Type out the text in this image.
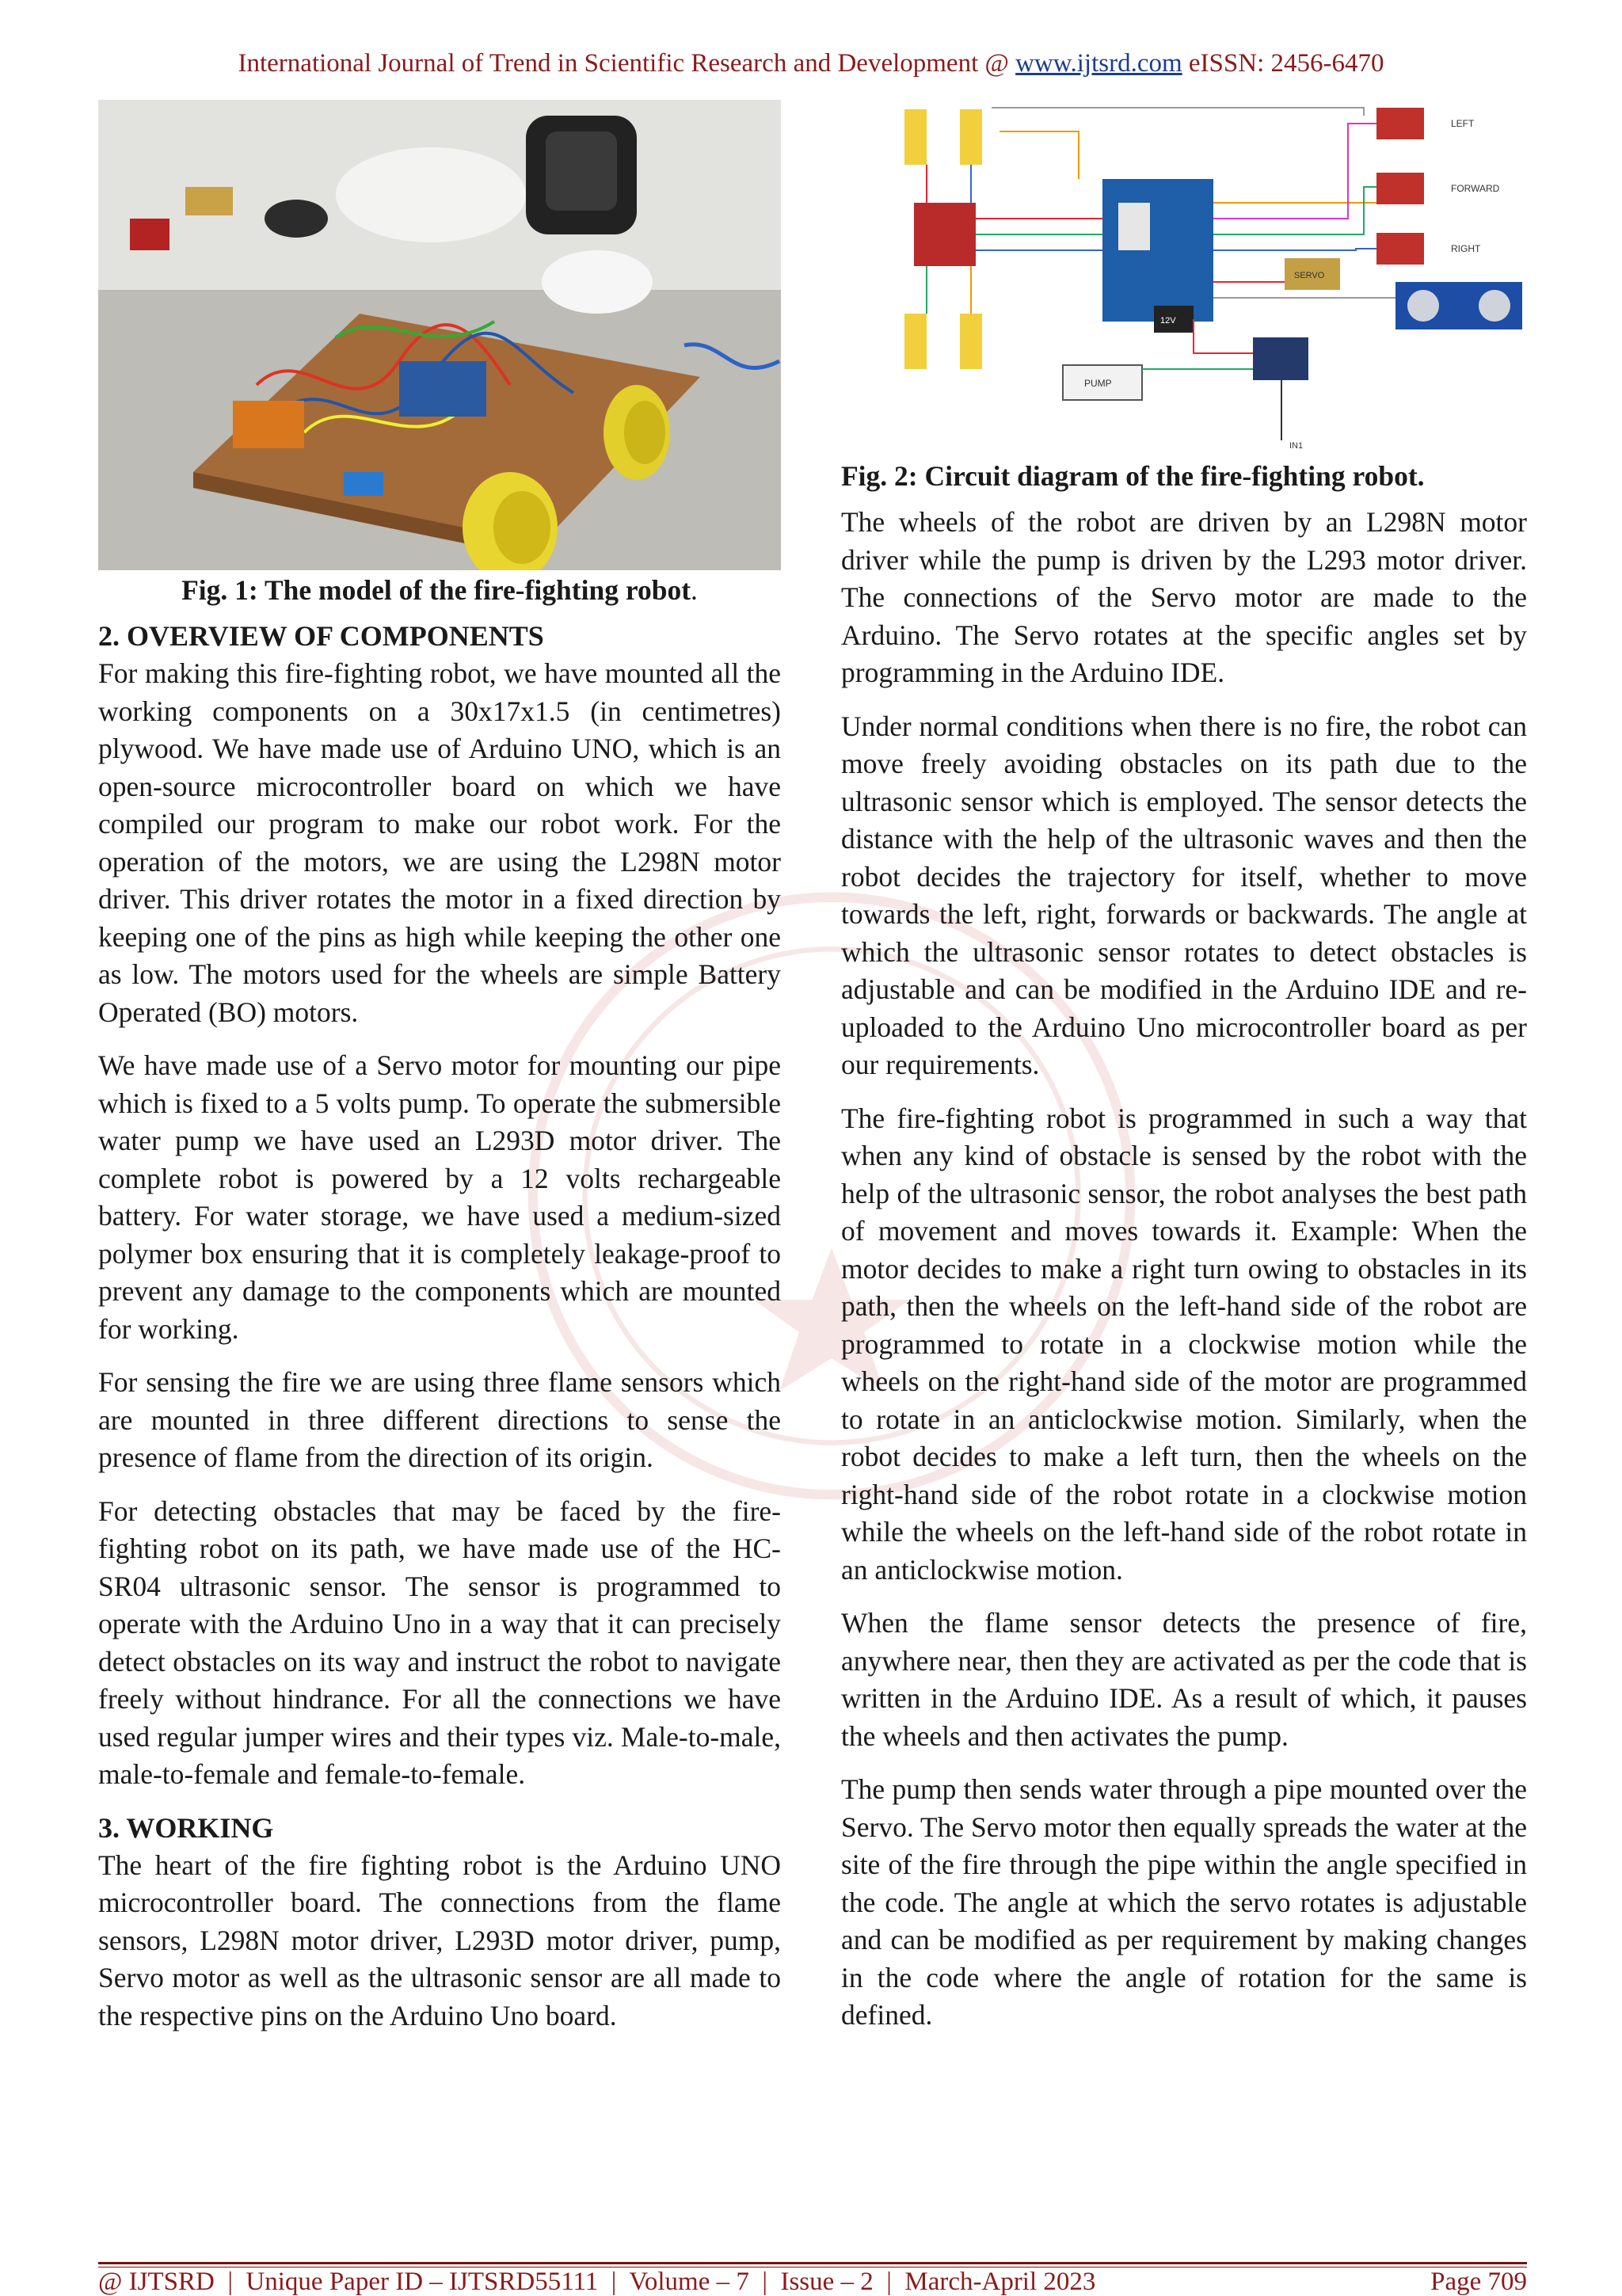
International Journal of Trend in Scientific Research and Development @ www.ijtsrd.com eISSN: 2456-6470
Fig. 1: The model of the fire-fighting robot.
2. OVERVIEW OF COMPONENTS

For making this fire-fighting robot, we have mounted all the working components on a 30x17x1.5 (in centimetres) plywood. We have made use of Arduino UNO, which is an open-source microcontroller board on which we have compiled our program to make our robot work. For the operation of the motors, we are using the L298N motor driver. This driver rotates the motor in a fixed direction by keeping one of the pins as high while keeping the other one as low. The motors used for the wheels are simple Battery Operated (BO) motors.

We have made use of a Servo motor for mounting our pipe which is fixed to a 5 volts pump. To operate the submersible water pump we have used an L293D motor driver. The complete robot is powered by a 12 volts rechargeable battery. For water storage, we have used a medium-sized polymer box ensuring that it is completely leakage-proof to prevent any damage to the components which are mounted for working.

For sensing the fire we are using three flame sensors which are mounted in three different directions to sense the presence of flame from the direction of its origin.

For detecting obstacles that may be faced by the fire-fighting robot on its path, we have made use of the HC-SR04 ultrasonic sensor. The sensor is programmed to operate with the Arduino Uno in a way that it can precisely detect obstacles on its way and instruct the robot to navigate freely without hindrance. For all the connections we have used regular jumper wires and their types viz. Male-to-male, male-to-female and female-to-female.

3. WORKING

The heart of the fire fighting robot is the Arduino UNO microcontroller board. The connections from the flame sensors, L298N motor driver, L293D motor driver, pump, Servo motor as well as the ultrasonic sensor are all made to the respective pins on the Arduino Uno board.

LEFT
FORWARD
RIGHT
SERVO
12V
PUMP
IN1
Fig. 2: Circuit diagram of the fire-fighting robot.

The wheels of the robot are driven by an L298N motor driver while the pump is driven by the L293 motor driver. The connections of the Servo motor are made to the Arduino. The Servo rotates at the specific angles set by programming in the Arduino IDE.

Under normal conditions when there is no fire, the robot can move freely avoiding obstacles on its path due to the ultrasonic sensor which is employed. The sensor detects the distance with the help of the ultrasonic waves and then the robot decides the trajectory for itself, whether to move towards the left, right, forwards or backwards. The angle at which the ultrasonic sensor rotates to detect obstacles is adjustable and can be modified in the Arduino IDE and re-uploaded to the Arduino Uno microcontroller board as per our requirements.

The fire-fighting robot is programmed in such a way that when any kind of obstacle is sensed by the robot with the help of the ultrasonic sensor, the robot analyses the best path of movement and moves towards it. Example: When the motor decides to make a right turn owing to obstacles in its path, then the wheels on the left-hand side of the robot are programmed to rotate in a clockwise motion while the wheels on the right-hand side of the motor are programmed to rotate in an anticlockwise motion. Similarly, when the robot decides to make a left turn, then the wheels on the right-hand side of the robot rotate in a clockwise motion while the wheels on the left-hand side of the robot rotate in an anticlockwise motion.

When the flame sensor detects the presence of fire, anywhere near, then they are activated as per the code that is written in the Arduino IDE. As a result of which, it pauses the wheels and then activates the pump.

The pump then sends water through a pipe mounted over the Servo. The Servo motor then equally spreads the water at the site of the fire through the pipe within the angle specified in the code. The angle at which the servo rotates is adjustable and can be modified as per requirement by making changes in the code where the angle of rotation for the same is defined.

@ IJTSRD  |  Unique Paper ID – IJTSRD55111  |  Volume – 7  |  Issue – 2  |  March-April 2023	Page 709
